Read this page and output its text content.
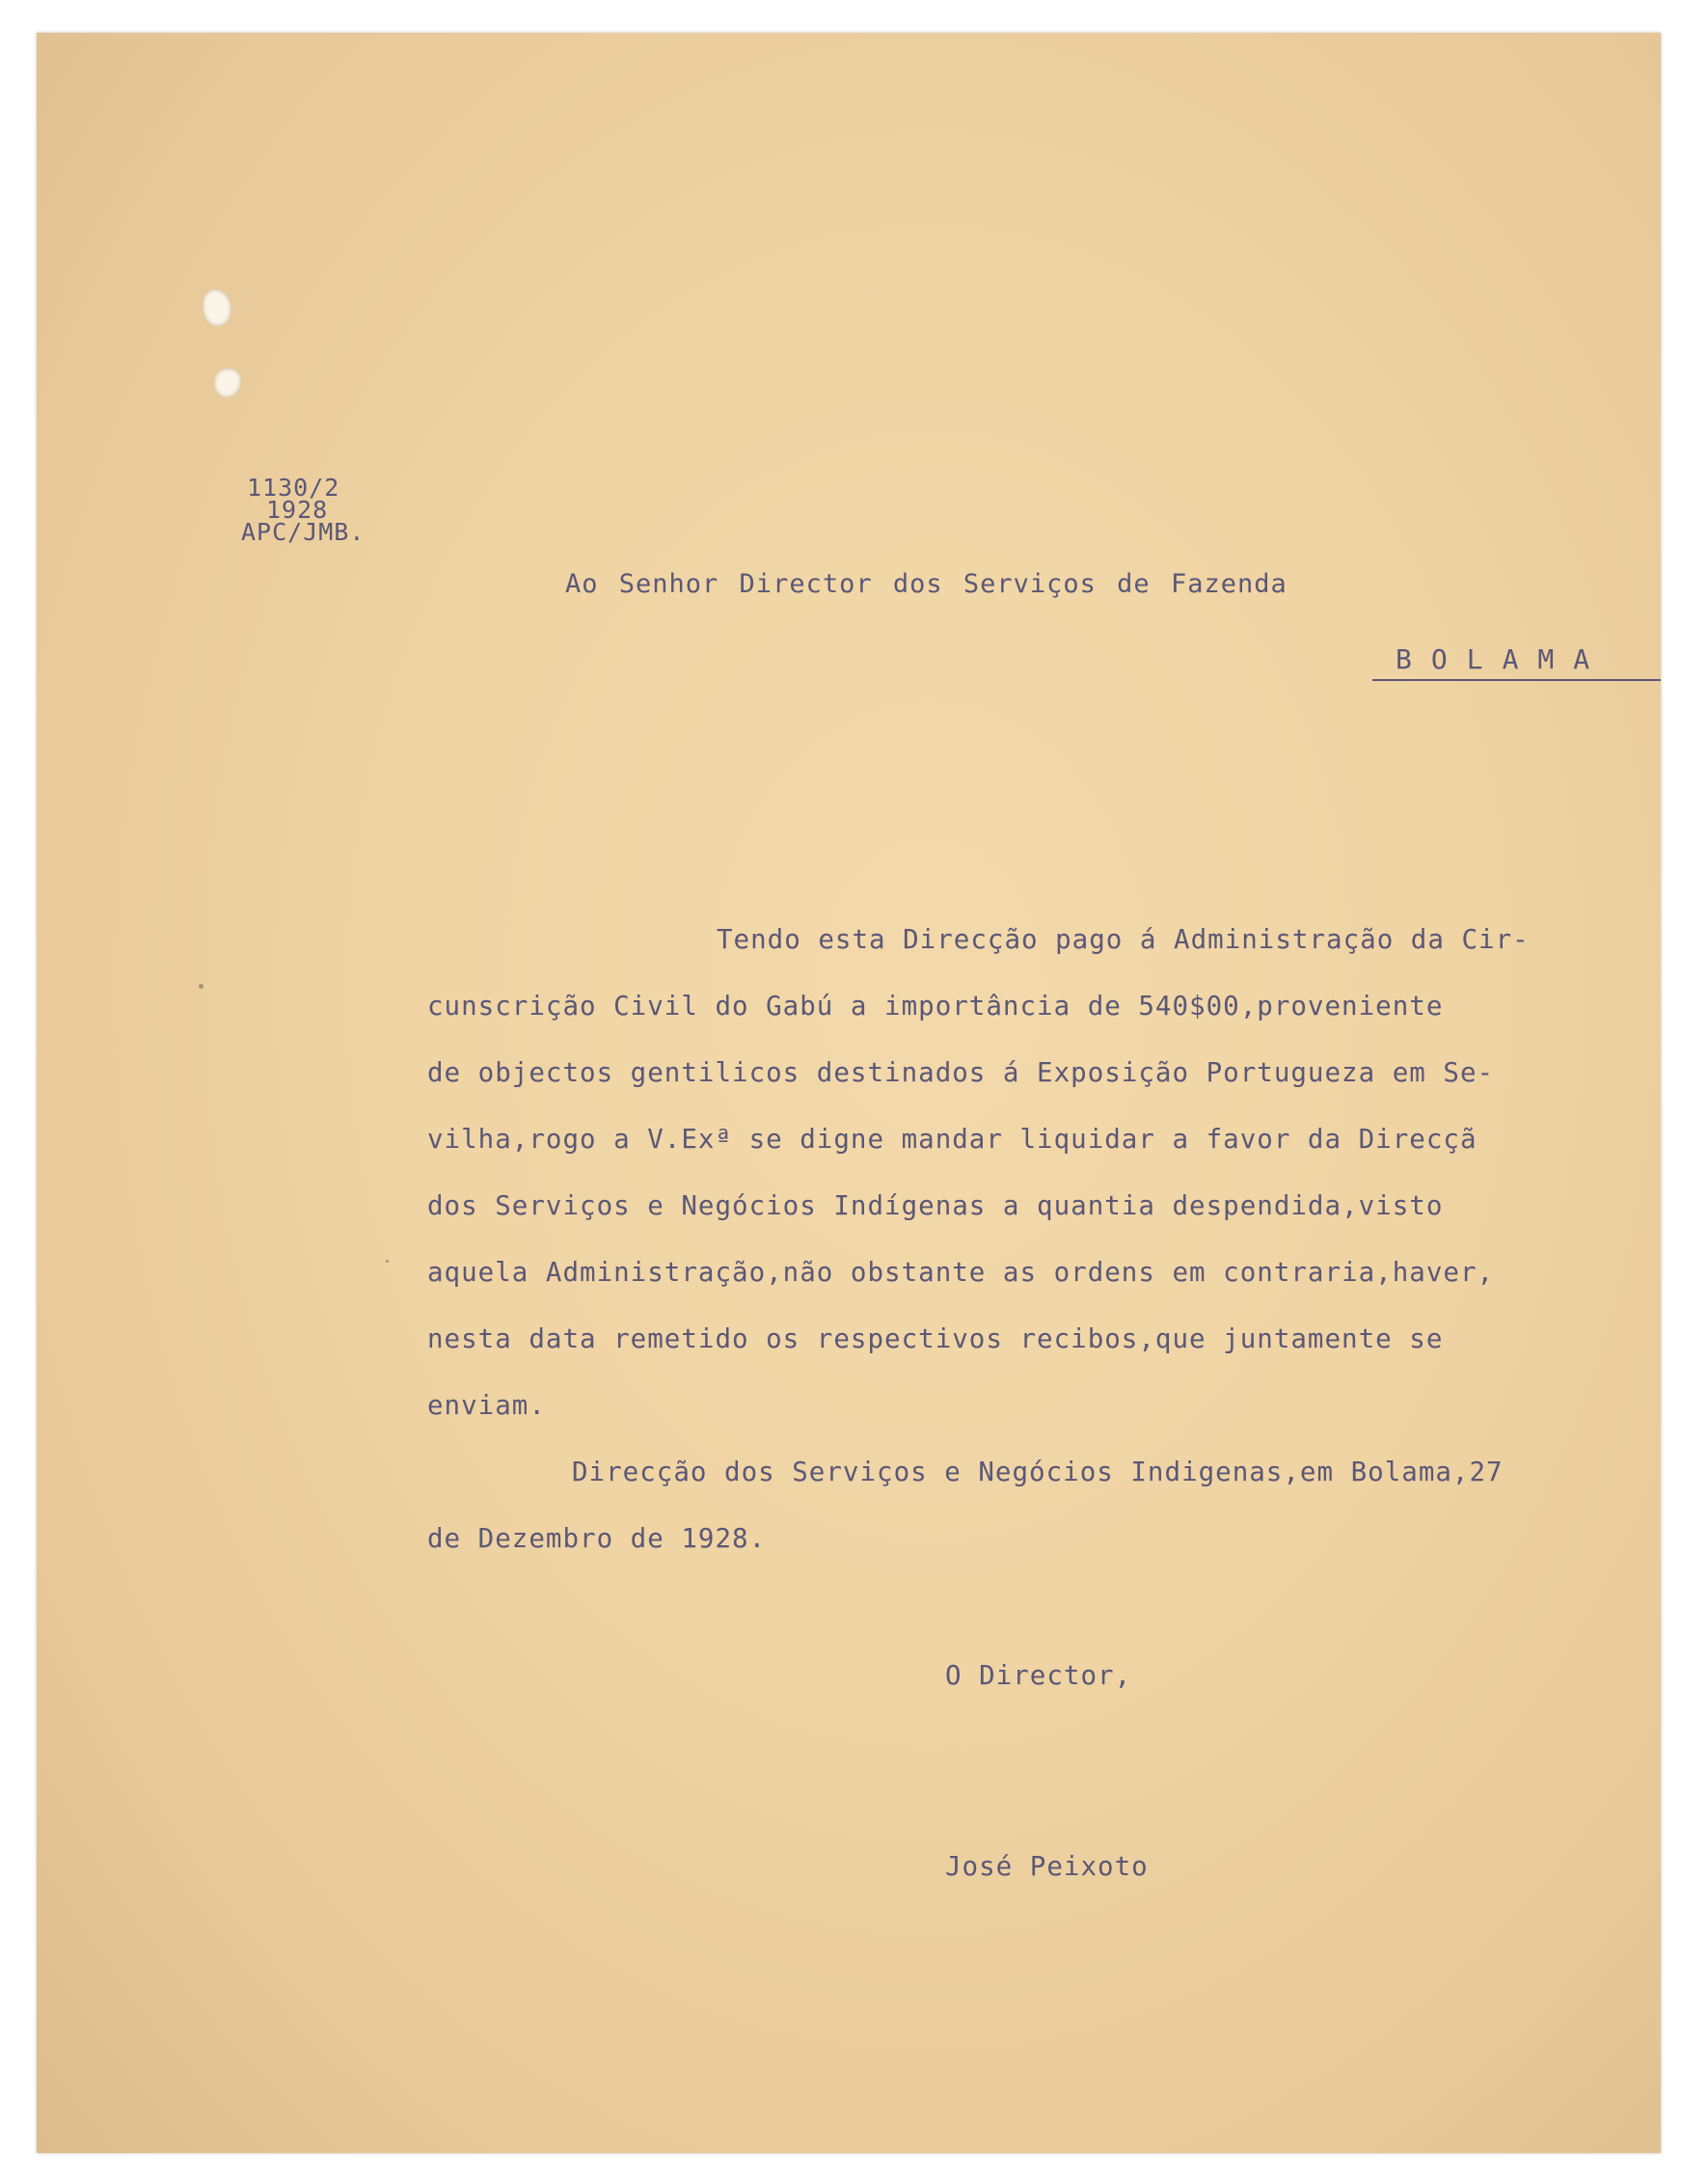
1130/2
1928
APC/JMB.

Ao Senhor Director dos Serviços de Fazenda

BOLAMA

Tendo esta Direcção pago á Administração da Cir-
cunscrição Civil do Gabú a importância de 540$00,proveniente
de objectos gentilicos destinados á Exposição Portugueza em Se-
vilha,rogo a V.Exª se digne mandar liquidar a favor da Direcçã
dos Serviços e Negócios Indígenas a quantia despendida,visto
aquela Administração,não obstante as ordens em contraria,haver,
nesta data remetido os respectivos recibos,que juntamente se
enviam.
Direcção dos Serviços e Negócios Indigenas,em Bolama,27
de Dezembro de 1928.

O Director,

José Peixoto
